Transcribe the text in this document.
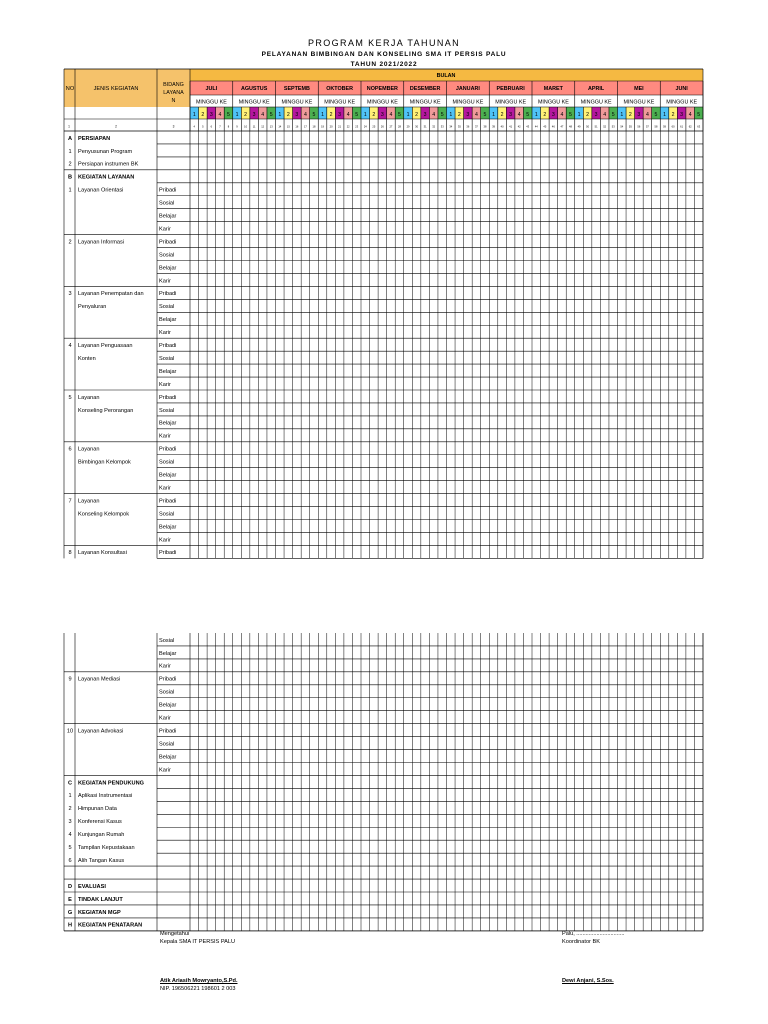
PROGRAM KERJA TAHUNAN
PELAYANAN BIMBINGAN DAN KONSELING SMA IT PERSIS PALU
TAHUN 2021/2022
NO	JENIS KEGIATAN
BIDANG
LAYANA
N
BULAN
JULI
MINGGU KE
1 2 3 4 5
AGUSTUS
MINGGU KE
1 2 3 4 5
SEPTEMB
MINGGU KE
1 2 3 4 5
OKTOBER
MINGGU KE
1 2 3 4 5
NOPEMBER
MINGGU KE
1 2 3 4 5
DESEMBER
MINGGU KE
1 2 3 4 5
JANUARI
MINGGU KE
1 2 3 4 5
PEBRUARI
MINGGU KE
1 2 3 4 5
MARET
MINGGU KE
1 2 3 4 5
APRIL
MINGGU KE
1 2 3 4 5
MEI
MINGGU KE
1 2 3 4 5
JUNI
MINGGU KE
1 2 3 4 5
1	2	3	4	5	6	7	8	9 10 11 12 13 14 15 16 17 18 19 20 21 22 23 24 25 26 27 28 29 30 31 32 33 34 35 36 37 38 39 40 41 42 43 44 45 46 47 48 49 50 51 52 53 54 55 56 57 58 59 60 61 62 63
A PERSIAPAN
1 Penyusunan Program
2 Persiapan instrumen BK
B KEGIATAN LAYANAN
1 Layanan Orientasi	Pribadi
Sosial
Belajar
Karir
2 Layanan Informasi	Pribadi
Sosial
Belajar
Karir
3 Layanan Penempatan dan	Pribadi
Penyaluran	Sosial
Belajar
Karir
4 Layanan Penguasaan	Pribadi
Konten	Sosial
Belajar
Karir
5 Layanan	Pribadi
Konseling Perorangan	Sosial
Belajar
Karir
6 Layanan	Pribadi
Bimbingan Kelompok	Sosial
Belajar
Karir
7 Layanan	Pribadi
Konseling Kelompok	Sosial
Belajar
Karir
8 Layanan Konsultasi	Pribadi
Sosial
Belajar
Karir
9 Layanan Mediasi	Pribadi
Sosial
Belajar
Karir
10 Layanan Advokasi	Pribadi
Sosial
Belajar
Karir
C KEGIATAN PENDUKUNG
1 Aplikasi Instrumentasi
2 Himpunan Data
3 Konferensi Kasus
4 Kunjungan Rumah
5 Tampilan Kepustakaan
6 Alih Tangan Kasus
D EVALUASI
E TINDAK LANJUT
G KEGIATAN MGP
H KEGIATAN PENATARAN
Mengetahui
Kepala SMA IT PERSIS PALU
Atik Ariasih Mowryanto,S.Pd.
NIP. 196506221 198601 2 003
Palu, ...............................
Koordinator BK
Dewi Anjani, S.Sos.
